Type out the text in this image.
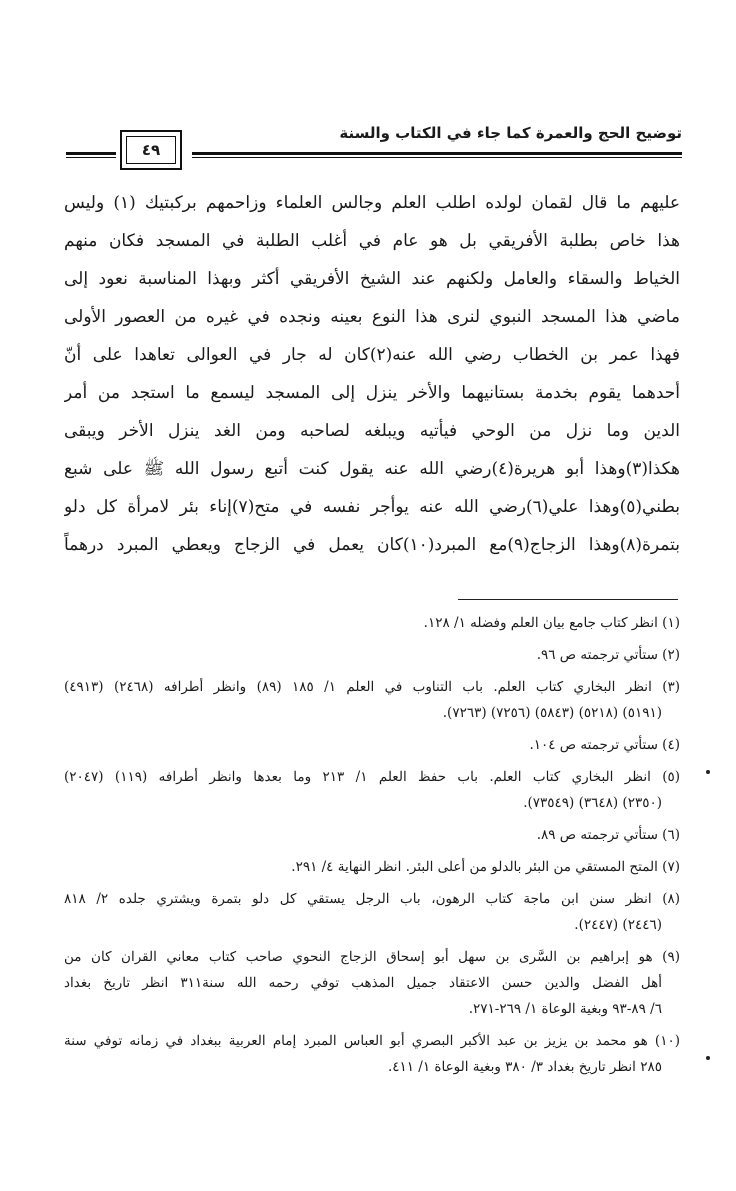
توضيح الحج والعمرة كما جاء في الكتاب والسنة
٤٩
عليهم ما قال لقمان لولده اطلب العلم وجالس العلماء وزاحمهم بركبتيك (١) وليس
هذا خاص بطلبة الأفريقي بل هو عام في أغلب الطلبة في المسجد فكان منهم
الخياط والسقاء والعامل ولكنهم عند الشيخ الأفريقي أكثر وبهذا المناسبة نعود إلى
ماضي هذا المسجد النبوي لنرى هذا النوع بعينه ونجده في غيره من العصور الأولى
فهذا عمر بن الخطاب رضي الله عنه(٢)كان له جار في العوالى تعاهدا على أنّ
أحدهما يقوم بخدمة بستانيهما والأخر ينزل إلى المسجد ليسمع ما استجد من أمر
الدين وما نزل من الوحي فيأتيه ويبلغه لصاحبه ومن الغد ينزل الأخر ويبقى
هكذا(٣)وهذا أبو هريرة(٤)رضي الله عنه يقول كنت أتبع رسول الله ﷺ على شبع
بطني(٥)وهذا علي(٦)رضي الله عنه يوأجر نفسه في متح(٧)إناء بئر لامرأة كل دلو
بتمرة(٨)وهذا الزجاج(٩)مع المبرد(١٠)كان يعمل في الزجاج ويعطي المبرد درهماً
(١) انظر كتاب جامع بيان العلم وفضله ١/ ١٢٨.
(٢) ستأتي ترجمته ص ٩٦.
(٣) انظر البخاري كتاب العلم. باب التناوب في العلم ١/ ١٨٥ (٨٩) وانظر أطرافه (٢٤٦٨) (٤٩١٣)
(٥١٩١) (٥٢١٨) (٥٨٤٣) (٧٢٥٦) (٧٢٦٣).
(٤) ستأتي ترجمته ص ١٠٤.
(٥) انظر البخاري كتاب العلم. باب حفظ العلم ١/ ٢١٣ وما بعدها وانظر أطرافه (١١٩) (٢٠٤٧)
(٢٣٥٠) (٣٦٤٨) (٧٣٥٤٩).
(٦) ستأتي ترجمته ص ٨٩.
(٧) المتح المستقي من البئر بالدلو من أعلى البئر. انظر النهاية ٤/ ٢٩١.
(٨) انظر سنن ابن ماجة كتاب الرهون، باب الرجل يستقي كل دلو بتمرة ويشتري جلده ٢/ ٨١٨
(٢٤٤٦) (٢٤٤٧).
(٩) هو إبراهيم بن السَّرى بن سهل أبو إسحاق الزجاج النحوي صاحب كتاب معاني القران كان من
أهل الفضل والدين حسن الاعتقاد جميل المذهب توفي رحمه الله سنة٣١١ انظر تاريخ بغداد
٦/ ٨٩-٩٣ وبغية الوعاة ١/ ٢٦٩-٢٧١.
(١٠) هو محمد بن يزيز بن عبد الأكبر البصري أبو العباس المبرد إمام العربية ببغداد في زمانه توفي سنة
٢٨٥ انظر تاريخ بغداد ٣/ ٣٨٠ وبغية الوعاة ١/ ٤١١.
